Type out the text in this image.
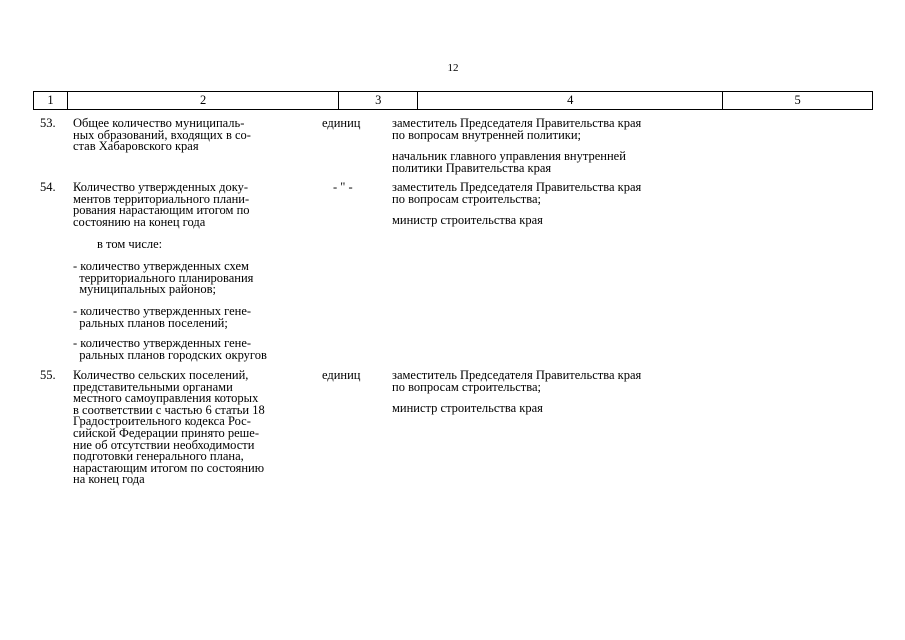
12
1	2	3	4	5
53. Общее количество муниципаль-
ных образований, входящих в со-
став Хабаровского края
единиц	заместитель Председателя Правительства края
по вопросам внутренней политики;
начальник главного управления внутренней
политики Правительства края
54. Количество утвержденных доку-
ментов территориального плани-
рования нарастающим итогом по
состоянию на конец года
в том числе:
- количество утвержденных схем
территориального планирования
муниципальных районов;
- количество утвержденных гене-
ральных планов поселений;
- количество утвержденных гене-
ральных планов городских округов
- " -	заместитель Председателя Правительства края
по вопросам строительства;
министр строительства края
55. Количество сельских поселений,
представительными органами
местного самоуправления которых
в соответствии с частью 6 статьи 18
Градостроительного кодекса Рос-
сийской Федерации принято реше-
ние об отсутствии необходимости
подготовки генерального плана,
нарастающим итогом по состоянию
на конец года
единиц	заместитель Председателя Правительства края
по вопросам строительства;
министр строительства края
